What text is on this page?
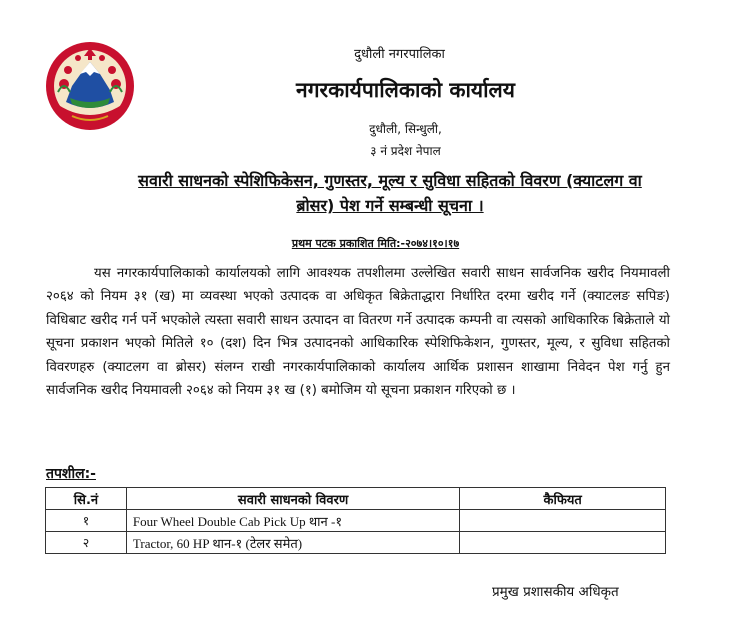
दुधौली नगरपालिका
नगरकार्यपालिकाको कार्यालय
दुधौली, सिन्धुली,
३ नं प्रदेश नेपाल
सवारी साधनको स्पेशिफिकेसन, गुणस्तर, मूल्य र सुविधा सहितको विवरण (क्याटलग वा
ब्रोसर) पेश गर्ने सम्बन्धी सूचना ।
प्रथम पटक प्रकाशित मिति:-२०७४।१०।१७

यस नगरकार्यपालिकाको कार्यालयको लागि आवश्यक तपशीलमा उल्लेखित सवारी साधन सार्वजनिक खरीद नियमावली २०६४ को नियम ३१ (ख) मा व्यवस्था भएको उत्पादक वा अधिकृत बिक्रेताद्धारा निर्धारित दरमा खरीद गर्ने (क्याटलङ सपिङ) विधिबाट खरीद गर्न पर्ने भएकोले त्यस्ता सवारी साधन उत्पादन वा वितरण गर्ने उत्पादक कम्पनी वा त्यसको आधिकारिक बिक्रेताले यो सूचना प्रकाशन भएको मितिले १० (दश) दिन भित्र उत्पादनको आधिकारिक स्पेशिफिकेशन, गुणस्तर, मूल्य, र सुविधा सहितको विवरणहरु (क्याटलग वा ब्रोसर) संलग्न राखी नगरकार्यपालिकाको कार्यालय आर्थिक प्रशासन शाखामा निवेदन पेश गर्नु हुन सार्वजनिक खरीद नियमावली २०६४ को नियम ३१ ख (१) बमोजिम यो सूचना प्रकाशन गरिएको छ ।

तपशील:-
सि.नं	सवारी साधनको विवरण	कैफियत
१	Four Wheel Double Cab Pick Up थान -१	
२	Tractor, 60 HP थान-१ (टेलर समेत)	
प्रमुख प्रशासकीय अधिकृत
